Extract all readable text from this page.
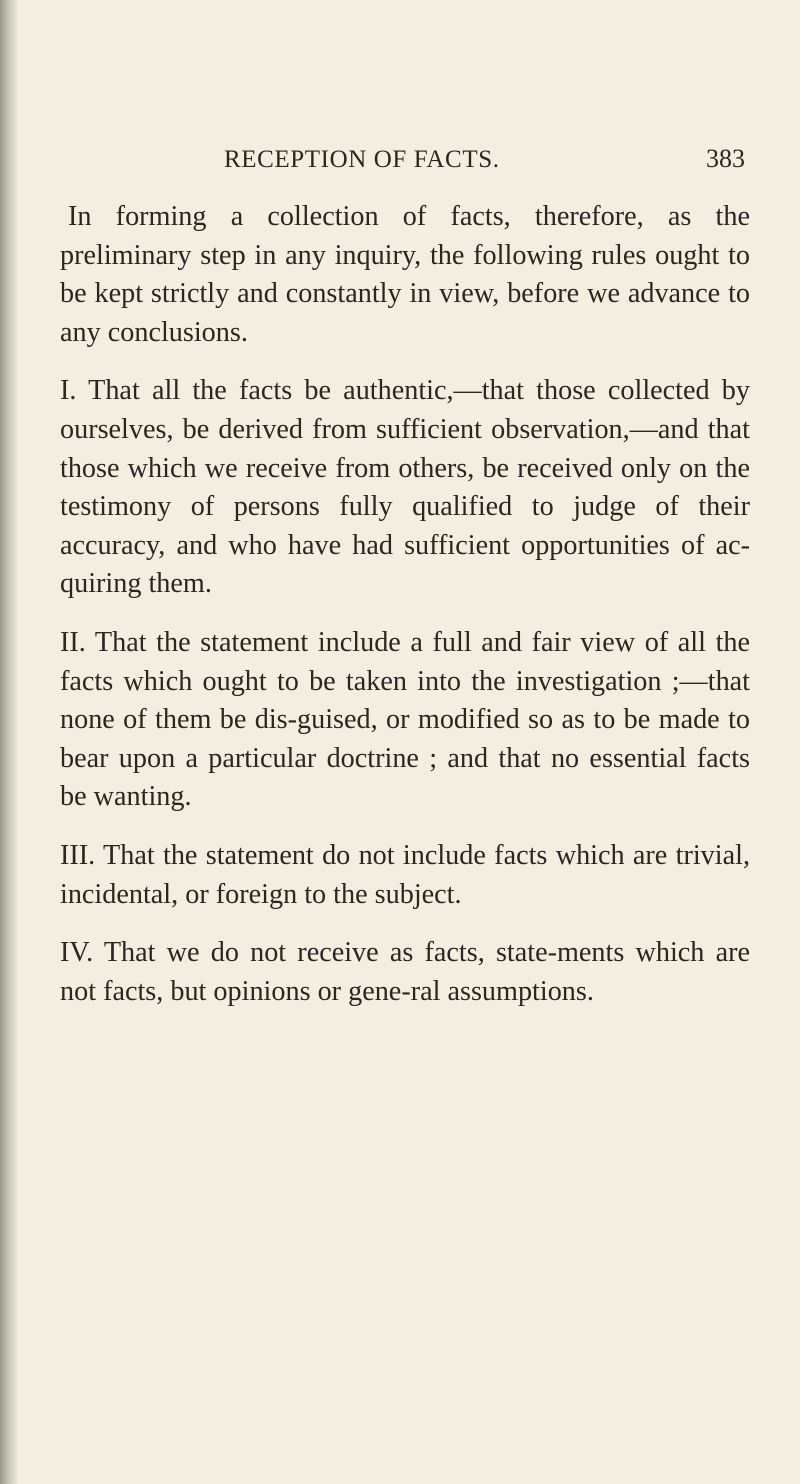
RECEPTION OF FACTS.	383

In forming a collection of facts, therefore, as the preliminary step in any inquiry, the following rules ought to be kept strictly and constantly in view, before we advance to any conclusions.

I. That all the facts be authentic,—that those collected by ourselves, be derived from sufficient observation,—and that those which we receive from others, be received only on the testimony of persons fully qualified to judge of their accuracy, and who have had sufficient opportunities of ac-quiring them.

II. That the statement include a full and fair view of all the facts which ought to be taken into the investigation ;—that none of them be dis-guised, or modified so as to be made to bear upon a particular doctrine ; and that no essential facts be wanting.

III. That the statement do not include facts which are trivial, incidental, or foreign to the subject.

IV. That we do not receive as facts, state-ments which are not facts, but opinions or gene-ral assumptions.
